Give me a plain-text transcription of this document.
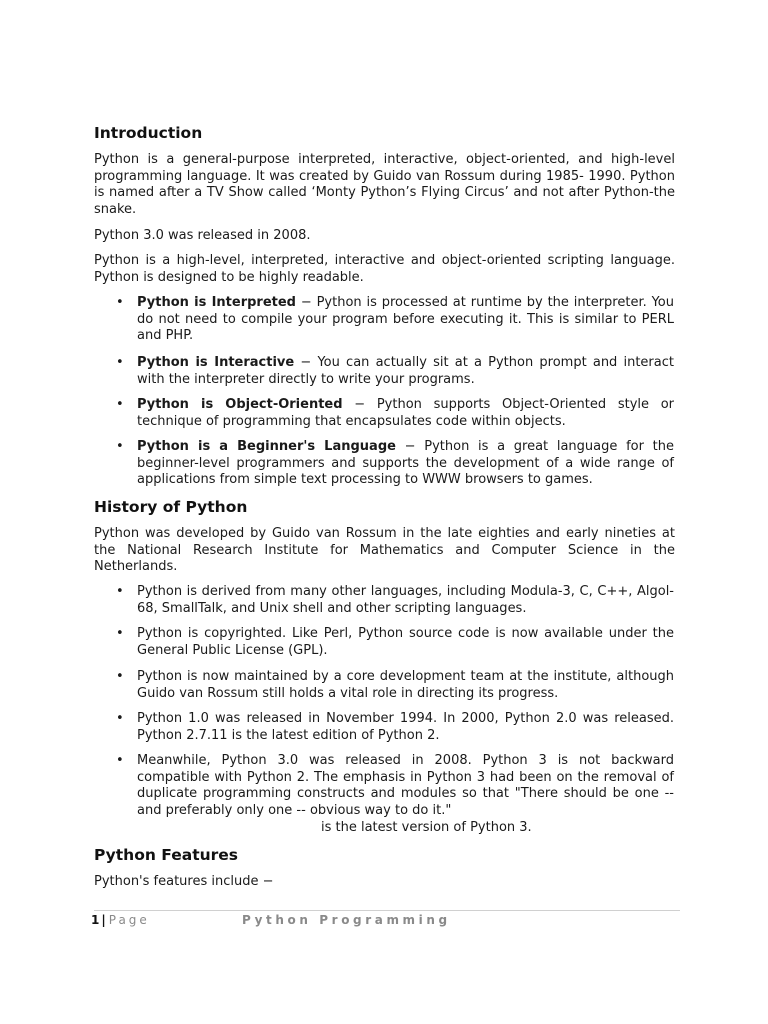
Introduction

Python is a general-purpose interpreted, interactive, object-oriented, and high-level programming language. It was created by Guido van Rossum during 1985- 1990. Python is named after a TV Show called ‘Monty Python’s Flying Circus’ and not after Python-the snake.

Python 3.0 was released in 2008.

Python is a high-level, interpreted, interactive and object-oriented scripting language. Python is designed to be highly readable.

• Python is Interpreted − Python is processed at runtime by the interpreter. You do not need to compile your program before executing it. This is similar to PERL and PHP.
• Python is Interactive − You can actually sit at a Python prompt and interact with the interpreter directly to write your programs.
• Python is Object-Oriented − Python supports Object-Oriented style or technique of programming that encapsulates code within objects.
• Python is a Beginner's Language − Python is a great language for the beginner-level programmers and supports the development of a wide range of applications from simple text processing to WWW browsers to games.
History of Python

Python was developed by Guido van Rossum in the late eighties and early nineties at the National Research Institute for Mathematics and Computer Science in the Netherlands.

• Python is derived from many other languages, including Modula-3, C, C++, Algol-68, SmallTalk, and Unix shell and other scripting languages.
• Python is copyrighted. Like Perl, Python source code is now available under the General Public License (GPL).
• Python is now maintained by a core development team at the institute, although Guido van Rossum still holds a vital role in directing its progress.
• Python 1.0 was released in November 1994. In 2000, Python 2.0 was released. Python 2.7.11 is the latest edition of Python 2.
• Meanwhile, Python 3.0 was released in 2008. Python 3 is not backward compatible with Python 2. The emphasis in Python 3 had been on the removal of duplicate programming constructs and modules so that "There should be one -- and preferably only one -- obvious way to do it."
is the latest version of Python 3.
Python Features

Python's features include −

1 | Page	Python Programming
